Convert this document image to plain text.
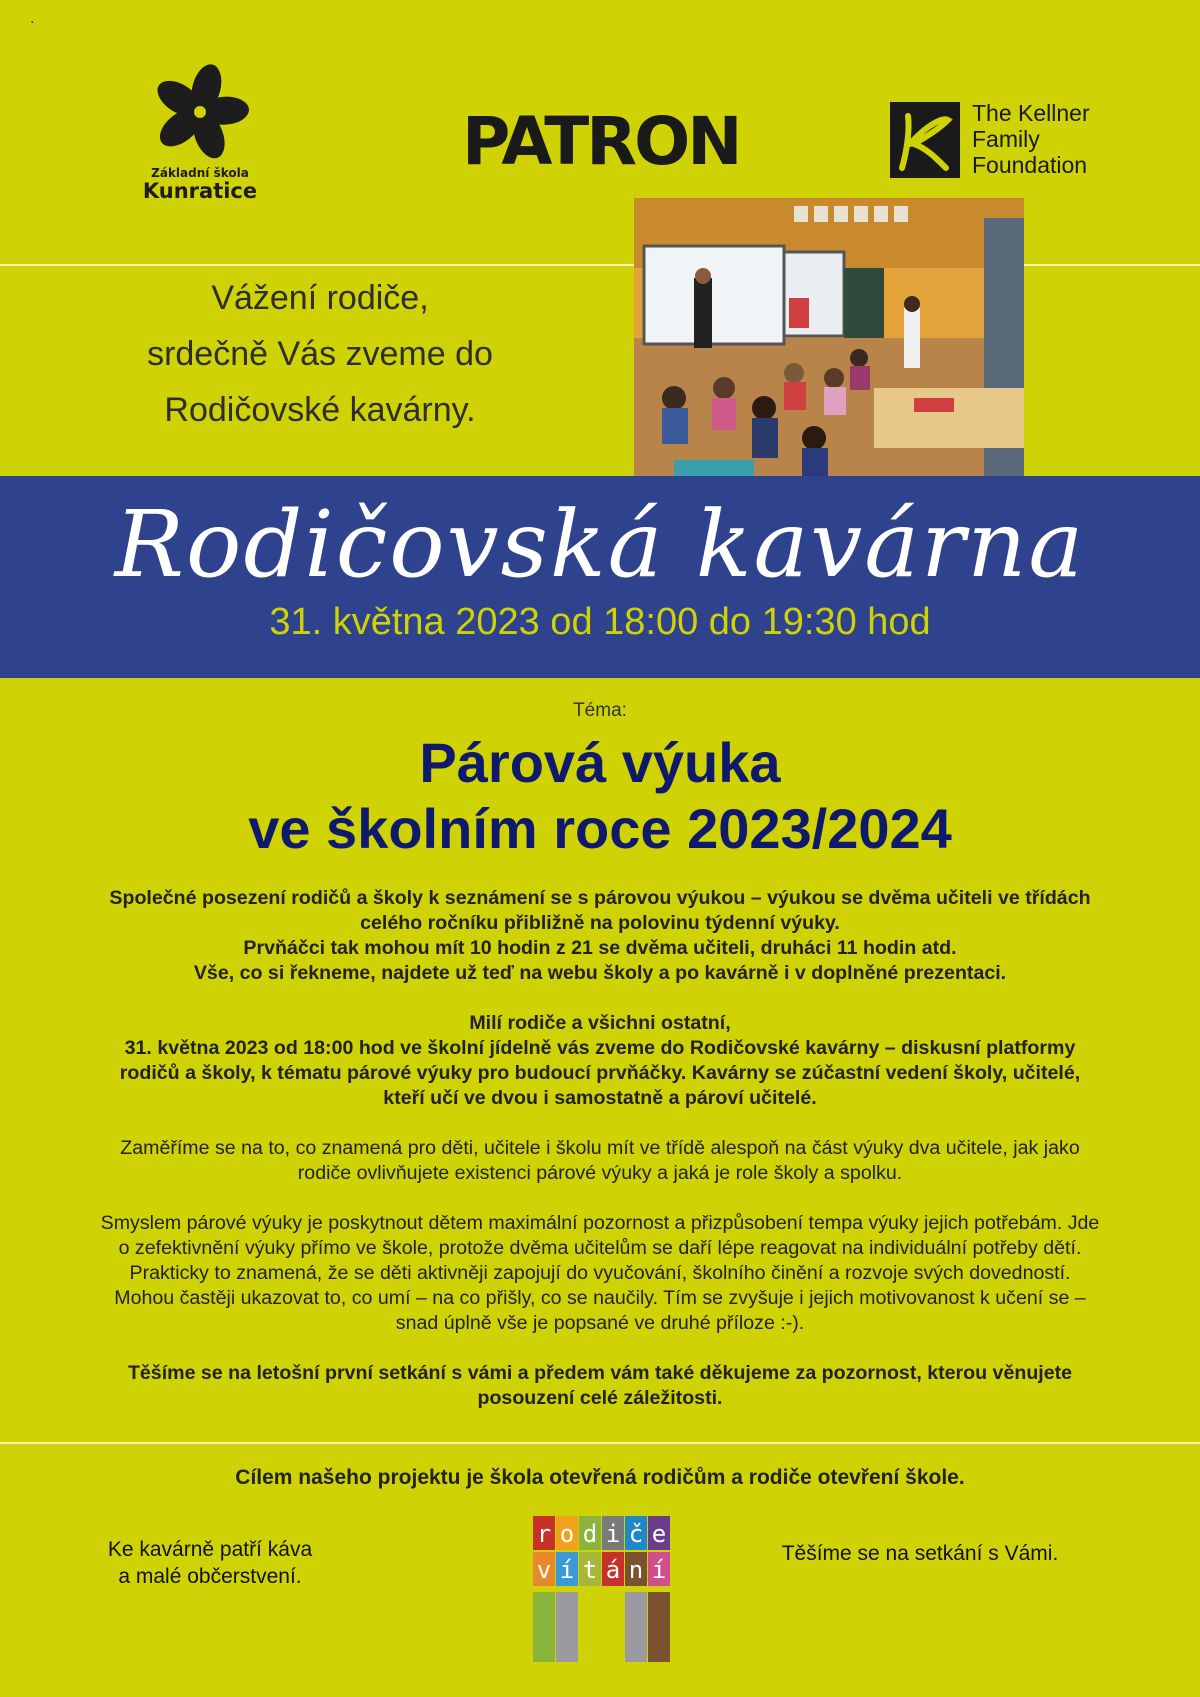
.
Základní škola
Kunratice
PATRON	The Kellner
Family
Foundation
Vážení rodiče,
srdečně Vás zveme do
Rodičovské kavárny.
Rodičovská kavárna
31. května 2023 od 18:00 do 19:30 hod
Téma:
Párová výuka
ve školním roce 2023/2024

Společné posezení rodičů a školy k seznámení se s párovou výukou – výukou se dvěma učiteli ve třídách
celého ročníku přibližně na polovinu týdenní výuky.
Prvňáčci tak mohou mít 10 hodin z 21 se dvěma učiteli, druháci 11 hodin atd.
Vše, co si řekneme, najdete už teď na webu školy a po kavárně i v doplněné prezentaci.

Milí rodiče a všichni ostatní,
31. května 2023 od 18:00 hod ve školní jídelně vás zveme do Rodičovské kavárny – diskusní platformy
rodičů a školy, k tématu párové výuky pro budoucí prvňáčky. Kavárny se zúčastní vedení školy, učitelé,
kteří učí ve dvou i samostatně a pároví učitelé.

Zaměříme se na to, co znamená pro děti, učitele i školu mít ve třídě alespoň na část výuky dva učitele, jak jako
rodiče ovlivňujete existenci párové výuky a jaká je role školy a spolku.

Smyslem párové výuky je poskytnout dětem maximální pozornost a přizpůsobení tempa výuky jejich potřebám. Jde
o zefektivnění výuky přímo ve škole, protože dvěma učitelům se daří lépe reagovat na individuální potřeby dětí.
Prakticky to znamená, že se děti aktivněji zapojují do vyučování, školního činění a rozvoje svých dovedností.
Mohou častěji ukazovat to, co umí – na co přišly, co se naučily. Tím se zvyšuje i jejich motivovanost k učení se –
snad úplně vše je popsané ve druhé příloze :-).

Těšíme se na letošní první setkání s vámi a předem vám také děkujeme za pozornost, kterou věnujete
posouzení celé záležitosti.

Cílem našeho projektu je škola otevřená rodičům a rodiče otevření škole.
Ke kavárně patří káva
a malé občerstvení.
r o d i č e
v í t á n í
Těšíme se na setkání s Vámi.
